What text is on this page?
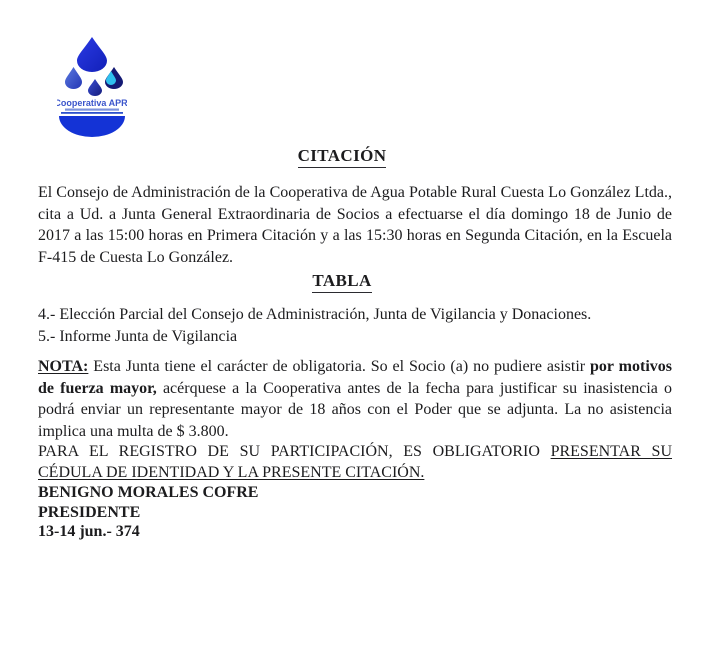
Cooperativa APR

CITACIÓN

El Consejo de Administración de la Cooperativa de Agua Potable Rural Cuesta Lo González Ltda., cita a Ud. a Junta General Extraordinaria de Socios a efectuarse el día domingo 18 de Junio de 2017 a las 15:00 horas en Primera Citación y a las 15:30 horas en Segunda Citación, en la Escuela F-415 de Cuesta Lo González.

TABLA

4.- Elección Parcial del Consejo de Administración, Junta de Vigilancia y Donaciones.

5.- Informe Junta de Vigilancia

NOTA: Esta Junta tiene el carácter de obligatoria. So el Socio (a) no pudiere asistir por motivos de fuerza mayor, acérquese a la Cooperativa antes de la fecha para justificar su inasistencia o podrá enviar un representante mayor de 18 años con el Poder que se adjunta. La no asistencia implica una multa de $ 3.800.

PARA EL REGISTRO DE SU PARTICIPACIÓN, ES OBLIGATORIO PRESENTAR SU CÉDULA DE IDENTIDAD Y LA PRESENTE CITACIÓN.

BENIGNO MORALES COFRE

PRESIDENTE

13-14 jun.- 374
